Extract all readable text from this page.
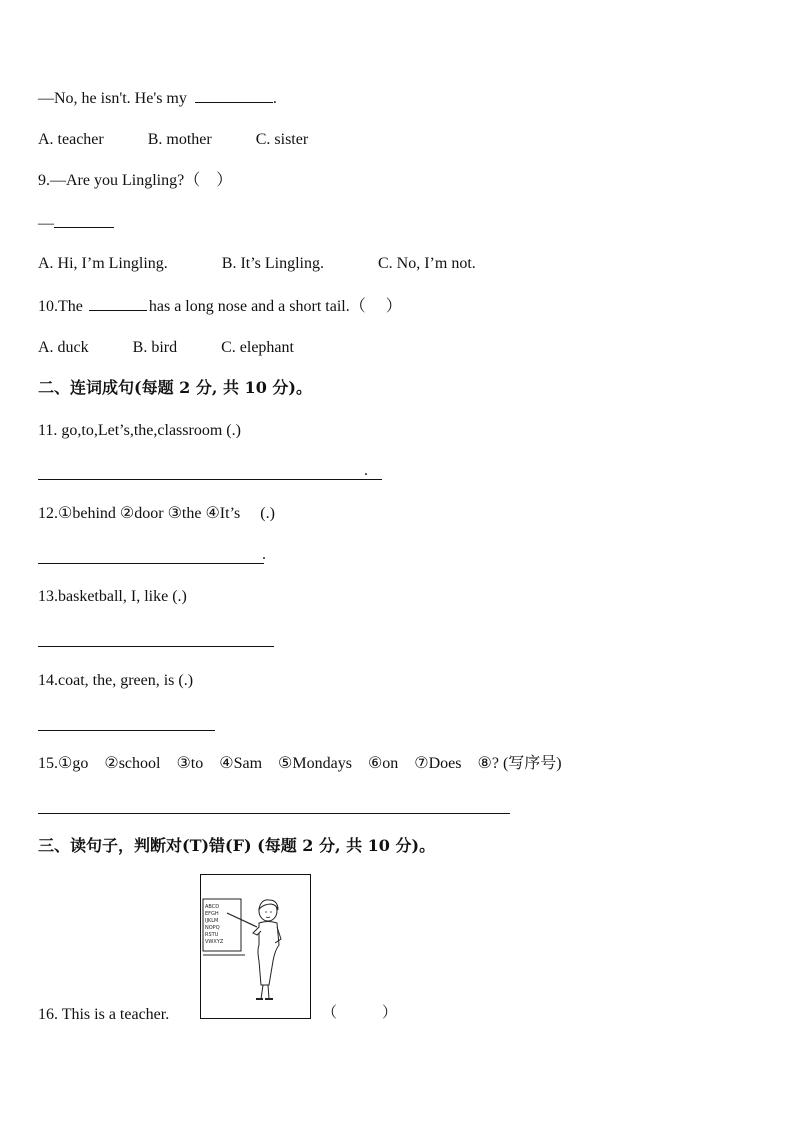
—No, he isn't. He's my	.
A. teacher	B. mother	C. sister
9.—Are you Lingling?（　）
—
A. Hi, I’m Lingling.	B. It’s Lingling.	C. No, I’m not.
10.The	has a long nose and a short tail.（　 ）
A. duck	B. bird	C. elephant
二、连词成句(每题 2 分, 共 10 分)。
11. go,to,Let’s,the,classroom (.)
.
12.①behind ②door ③the ④It’s　 (.)
.
13.basketball, I, like (.)
14.coat, the, green, is (.)
15.①go　②school　③to　④Sam　⑤Mondays　⑥on　⑦Does　⑧? (写序号)
三、读句子，判断对(T)错(F) (每题 2 分, 共 10 分)。
16. This is a teacher.
ABCD
EFGH
IJKLM
NOPQ
RSTU
VWXYZ
（　　　）
